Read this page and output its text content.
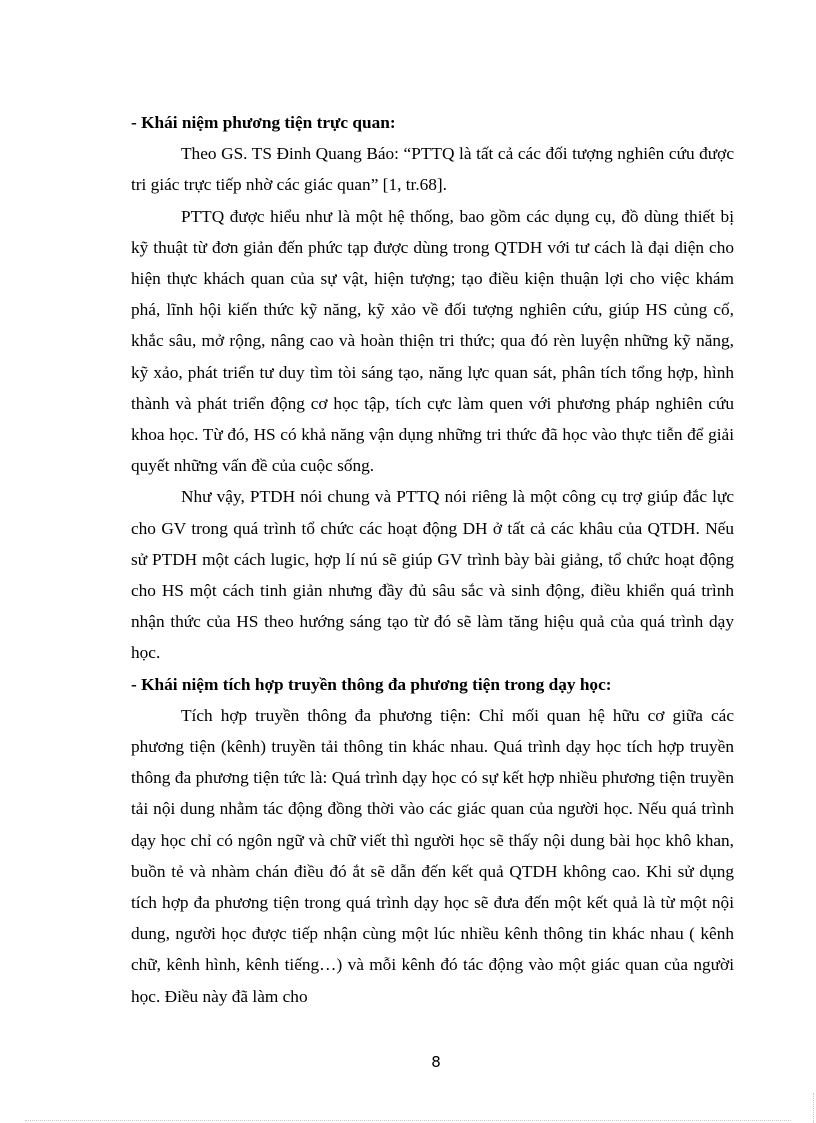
- Khái niệm phương tiện trực quan:

Theo GS. TS Đinh Quang Báo: “PTTQ là tất cả các đối tượng nghiên cứu được tri giác trực tiếp nhờ các giác quan” [1, tr.68].

PTTQ được hiểu như là một hệ thống, bao gồm các dụng cụ, đồ dùng thiết bị kỹ thuật từ đơn giản đến phức tạp được dùng trong QTDH với tư cách là đại diện cho hiện thực khách quan của sự vật, hiện tượng; tạo điều kiện thuận lợi cho việc khám phá, lĩnh hội kiến thức kỹ năng, kỹ xảo về đối tượng nghiên cứu, giúp HS củng cố, khắc sâu, mở rộng, nâng cao và hoàn thiện tri thức; qua đó rèn luyện những kỹ năng, kỹ xảo, phát triển tư duy tìm tòi sáng tạo, năng lực quan sát, phân tích tổng hợp, hình thành và phát triển động cơ học tập, tích cực làm quen với phương pháp nghiên cứu khoa học. Từ đó, HS có khả năng vận dụng những tri thức đã học vào thực tiễn để giải quyết những vấn đề của cuộc sống.

Như vậy, PTDH nói chung và PTTQ nói riêng là một công cụ trợ giúp đắc lực cho GV trong quá trình tổ chức các hoạt động DH ở tất cả các khâu của QTDH. Nếu sử PTDH một cách lugic, hợp lí nú sẽ giúp GV trình bày bài giảng, tổ chức hoạt động cho HS một cách tinh giản nhưng đầy đủ sâu sắc và sinh động, điều khiển quá trình nhận thức của HS theo hướng sáng tạo từ đó sẽ làm tăng hiệu quả của quá trình dạy học.

- Khái niệm tích hợp truyền thông đa phương tiện trong dạy học:

Tích hợp truyền thông đa phương tiện: Chỉ mối quan hệ hữu cơ giữa các phương tiện (kênh) truyền tải thông tin khác nhau. Quá trình dạy học tích hợp truyền thông đa phương tiện tức là: Quá trình dạy học có sự kết hợp nhiều phương tiện truyền tải nội dung nhằm tác động đồng thời vào các giác quan của người học. Nếu quá trình dạy học chỉ có ngôn ngữ và chữ viết thì người học sẽ thấy nội dung bài học khô khan, buồn tẻ và nhàm chán điều đó ắt sẽ dẫn đến kết quả QTDH không cao. Khi sử dụng tích hợp đa phương tiện trong quá trình dạy học sẽ đưa đến một kết quả là từ một nội dung, người học được tiếp nhận cùng một lúc nhiều kênh thông tin khác nhau ( kênh chữ, kênh hình, kênh tiếng…) và mỗi kênh đó tác động vào một giác quan của người học. Điều này đã làm cho

8
